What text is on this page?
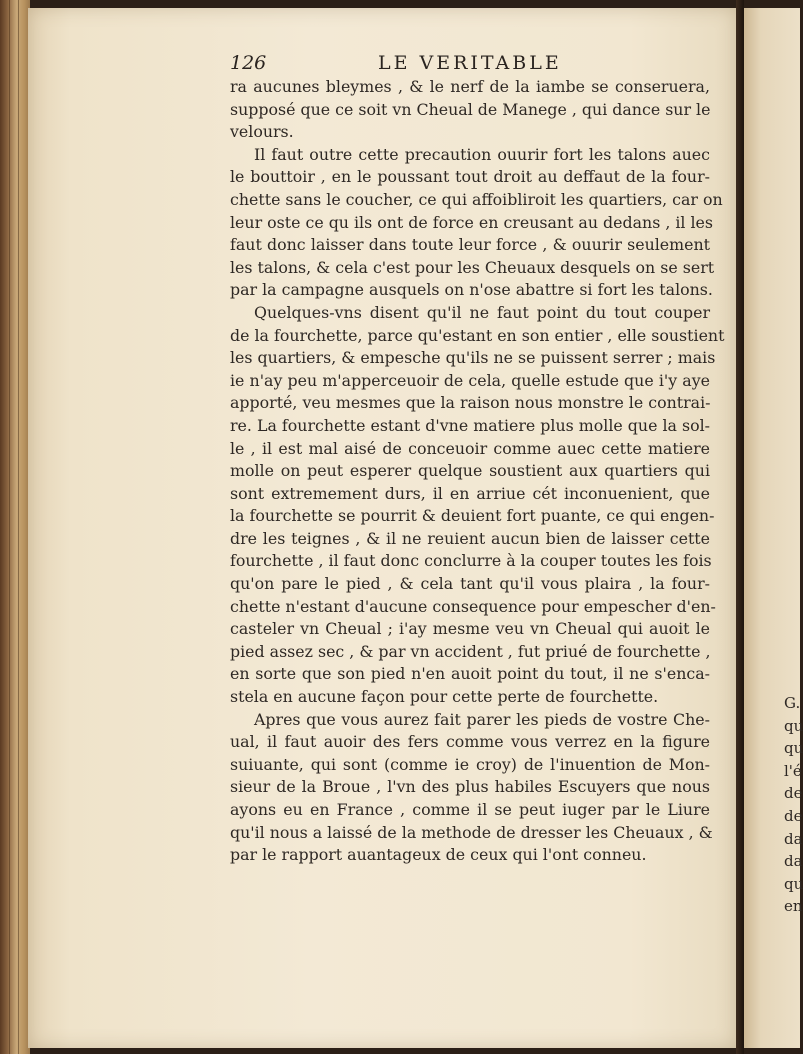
126	LE VERITABLE
ra aucunes bleymes , & le nerf de la iambe se conseruera,
supposé que ce soit vn Cheual de Manege , qui dance sur le
velours.
Il faut outre cette precaution ouurir fort les talons auec
le bouttoir , en le poussant tout droit au deffaut de la four-
chette sans le coucher, ce qui affoibliroit les quartiers, car on
leur oste ce qu ils ont de force en creusant au dedans , il les
faut donc laisser dans toute leur force , & ouurir seulement
les talons, & cela c'est pour les Cheuaux desquels on se sert
par la campagne ausquels on n'ose abattre si fort les talons.
Quelques-vns disent qu'il ne faut point du tout couper
de la fourchette, parce qu'estant en son entier , elle soustient
les quartiers, & empesche qu'ils ne se puissent serrer ; mais
ie n'ay peu m'apperceuoir de cela, quelle estude que i'y aye
apporté, veu mesmes que la raison nous monstre le contrai-
re. La fourchette estant d'vne matiere plus molle que la sol-
le , il est mal aisé de conceuoir comme auec cette matiere
molle on peut esperer quelque soustient aux quartiers qui
sont extremement durs, il en arriue cét inconuenient, que
la fourchette se pourrit & deuient fort puante, ce qui engen-
dre les teignes , & il ne reuient aucun bien de laisser cette
fourchette , il faut donc conclurre à la couper toutes les fois
qu'on pare le pied , & cela tant qu'il vous plaira , la four-
chette n'estant d'aucune consequence pour empescher d'en-
casteler vn Cheual ; i'ay mesme veu vn Cheual qui auoit le
pied assez sec , & par vn accident , fut priué de fourchette ,
en sorte que son pied n'en auoit point du tout, il ne s'enca-
stela en aucune façon pour cette perte de fourchette.
Apres que vous aurez fait parer les pieds de vostre Che-
ual, il faut auoir des fers comme vous verrez en la figure
suiuante, qui sont (comme ie croy) de l'inuention de Mon-
sieur de la Broue , l'vn des plus habiles Escuyers que nous
ayons eu en France , comme il se peut iuger par le Liure
qu'il nous a laissé de la methode de dresser les Cheuaux , &
par le rapport auantageux de ceux qui l'ont conneu.
G.
qu
qu
l'é
de
de
da
da
qu
en
